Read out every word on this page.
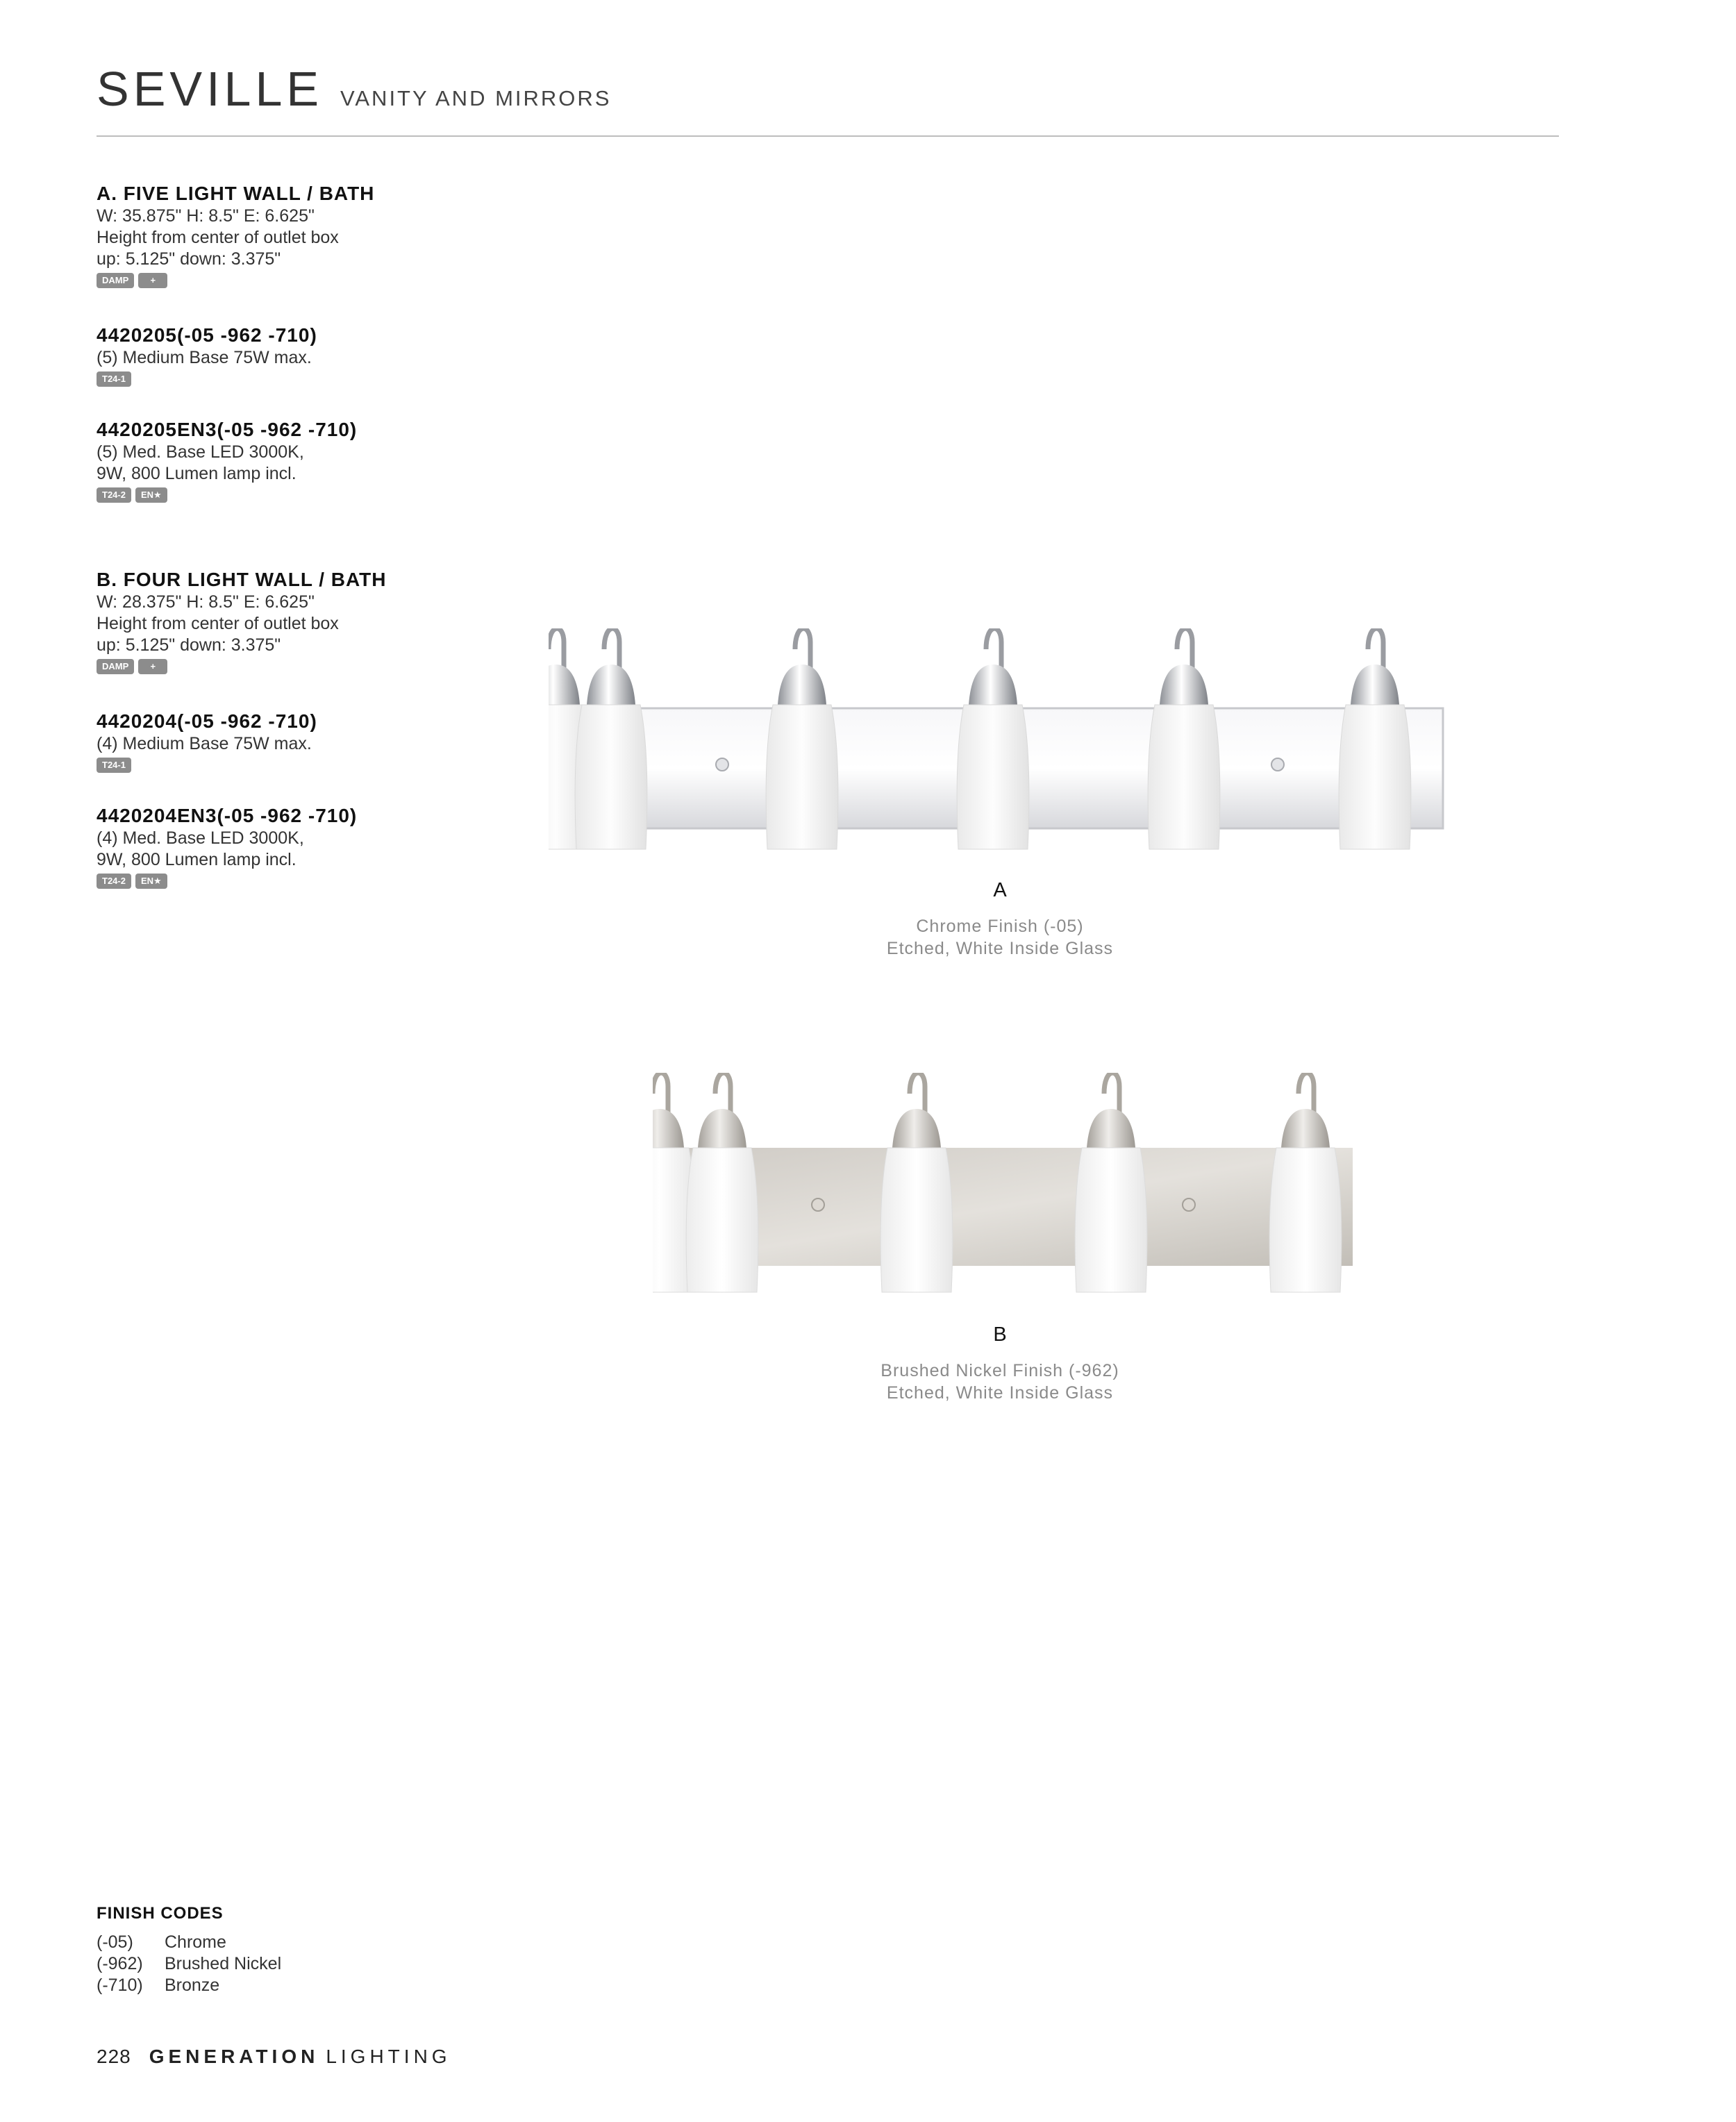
SEVILLE VANITY AND MIRRORS
A. FIVE LIGHT WALL / BATH
W: 35.875" H: 8.5" E: 6.625"
Height from center of outlet box
up: 5.125" down: 3.375"
DAMP	+
4420205(-05 -962 -710)
(5) Medium Base 75W max.
T24-1
4420205EN3(-05 -962 -710)
(5) Med. Base LED 3000K,
9W, 800 Lumen lamp incl.
T24-2	EN★
B. FOUR LIGHT WALL / BATH
W: 28.375" H: 8.5" E: 6.625"
Height from center of outlet box
up: 5.125" down: 3.375"
DAMP	+
4420204(-05 -962 -710)
(4) Medium Base 75W max.
T24-1
4420204EN3(-05 -962 -710)
(4) Med. Base LED 3000K,
9W, 800 Lumen lamp incl.
T24-2	EN★	A
Chrome Finish (-05)
Etched, White Inside Glass
B
Brushed Nickel Finish (-962)
Etched, White Inside Glass
FINISH CODES
(-05) Chrome
(-962) Brushed Nickel
(-710) Bronze
228 GENERATION LIGHTING
